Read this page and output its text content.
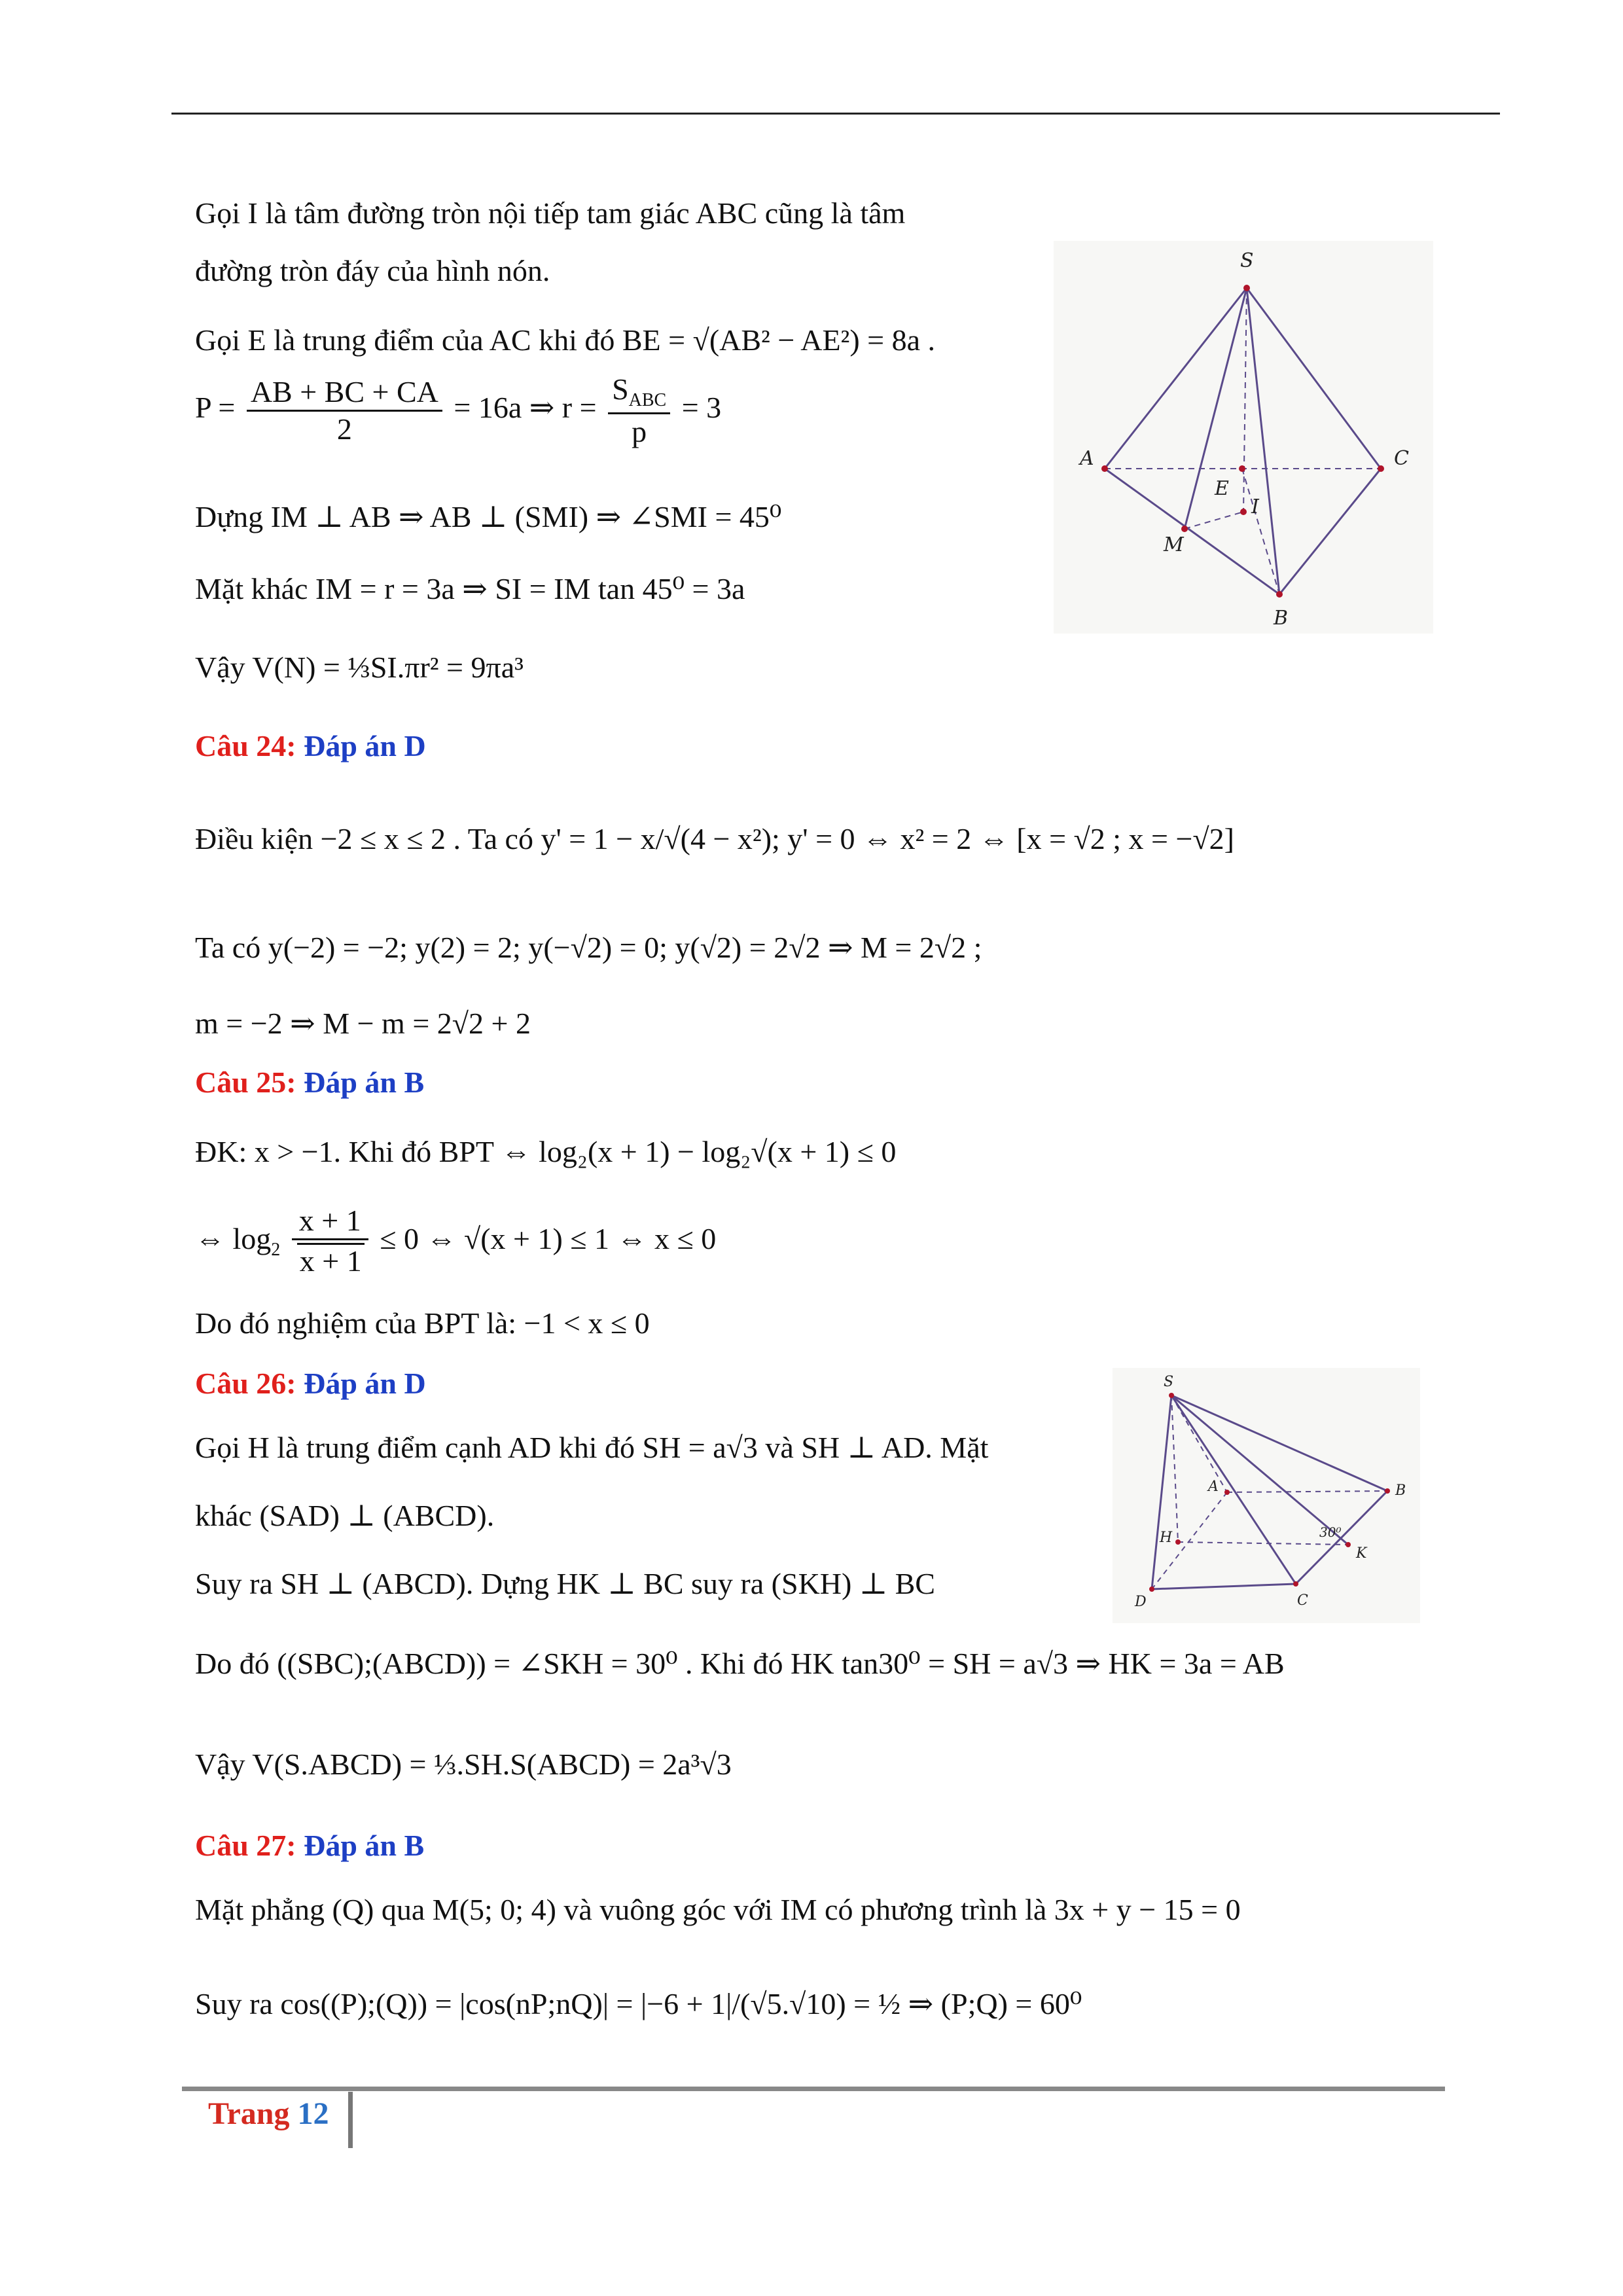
Gọi I là tâm đường tròn nội tiếp tam giác ABC cũng là tâm
đường tròn đáy của hình nón.
Gọi E là trung điểm của AC khi đó BE = √(AB² − AE²) = 8a .
$P = \frac{AB + BC + CA}{2} = 16a$ ⇒ $r = \frac{S_{ABC}}{p} = 3$
Dựng IM ⊥ AB ⇒ AB ⊥ (SMI) ⇒ ∠SMI = 45⁰
Mặt khác IM = r = 3a ⇒ SI = IM tan 45⁰ = 3a
Vậy V(N) = ⅓SI.πr² = 9πa³
S
A	C
E
I
M
B
Câu 24: Đáp án D
Điều kiện −2 ≤ x ≤ 2 . Ta có y' = 1 − x/√(4 − x²); y' = 0 ⇔ x² = 2 ⇔ [x = √2 ; x = −√2]
Ta có y(−2) = −2; y(2) = 2; y(−√2) = 0; y(√2) = 2√2 ⇒ M = 2√2 ;
m = −2 ⇒ M − m = 2√2 + 2
Câu 25: Đáp án B
ĐK: x > −1. Khi đó BPT ⇔ log₂(x + 1) − log₂√(x + 1) ≤ 0
⇔ $\log_2 \frac{x + 1}{x + 1} \le 0$ ⇔ √(x + 1) ≤ 1 ⇔ x ≤ 0
Do đó nghiệm của BPT là: −1 < x ≤ 0
Câu 26: Đáp án D
Gọi H là trung điểm cạnh AD khi đó SH = a√3 và SH ⊥ AD. Mặt
khác (SAD) ⊥ (ABCD).
Suy ra SH ⊥ (ABCD). Dựng HK ⊥ BC suy ra (SKH) ⊥ BC
Do đó ((SBC);(ABCD)) = ∠SKH = 30⁰ . Khi đó HK tan30⁰ = SH = a√3 ⇒ HK = 3a = AB
Vậy V(S.ABCD) = ⅓.SH.S(ABCD) = 2a³√3
S
A	B
H
K
D	C
30⁰
Câu 27: Đáp án B
Mặt phẳng (Q) qua M(5; 0; 4) và vuông góc với IM có phương trình là 3x + y − 15 = 0
Suy ra cos((P);(Q)) = |cos(nP;nQ)| = |−6 + 1|/(√5.√10) = ½ ⇒ (P;Q) = 60⁰
Trang 12
